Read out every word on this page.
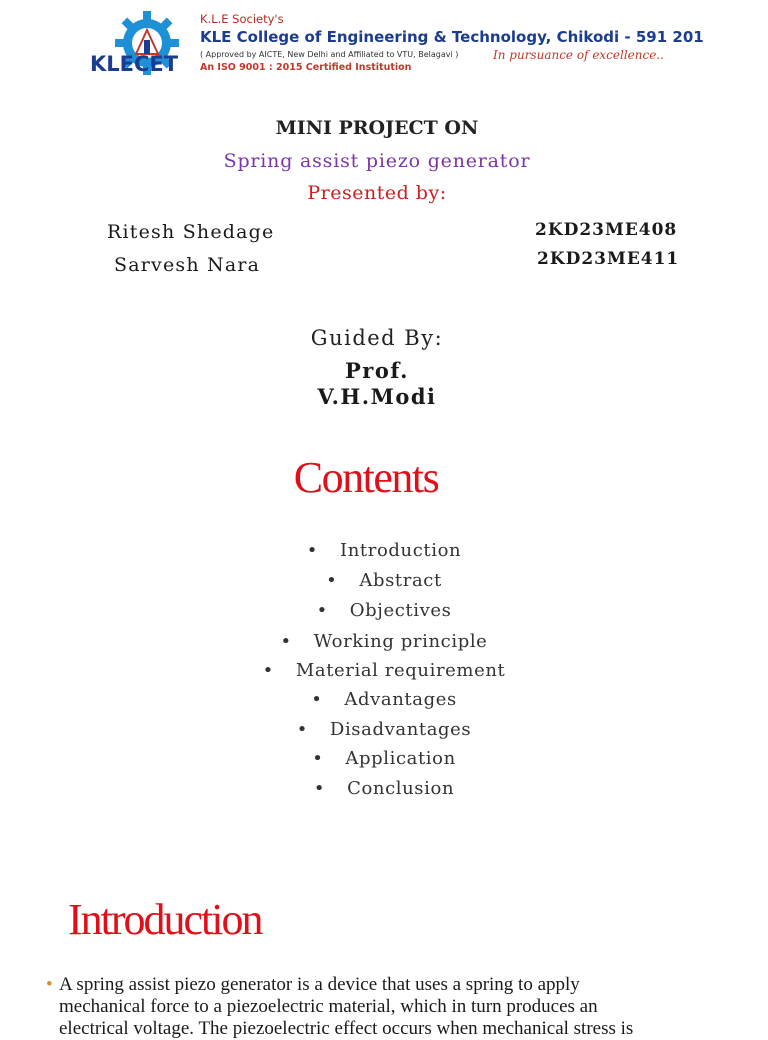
KLECET
K.L.E Society's
KLE College of Engineering & Technology, Chikodi - 591 201
( Approved by AICTE, New Delhi and Affiliated to VTU, Belagavi )
An ISO 9001 : 2015 Certified Institution
In pursuance of excellence..
MINI PROJECT ON
Spring assist piezo generator
Presented by:
Ritesh Shedage	2KD23ME408
Sarvesh Nara	2KD23ME411
Guided By:
Prof.
V.H.Modi
Contents
• Introduction
• Abstract
• Objectives
• Working principle
• Material requirement
• Advantages
• Disadvantages
• Application
• Conclusion
Introduction
• A spring assist piezo generator is a device that uses a spring to apply mechanical force to a piezoelectric material, which in turn produces an electrical voltage. The piezoelectric effect occurs when mechanical stress is
